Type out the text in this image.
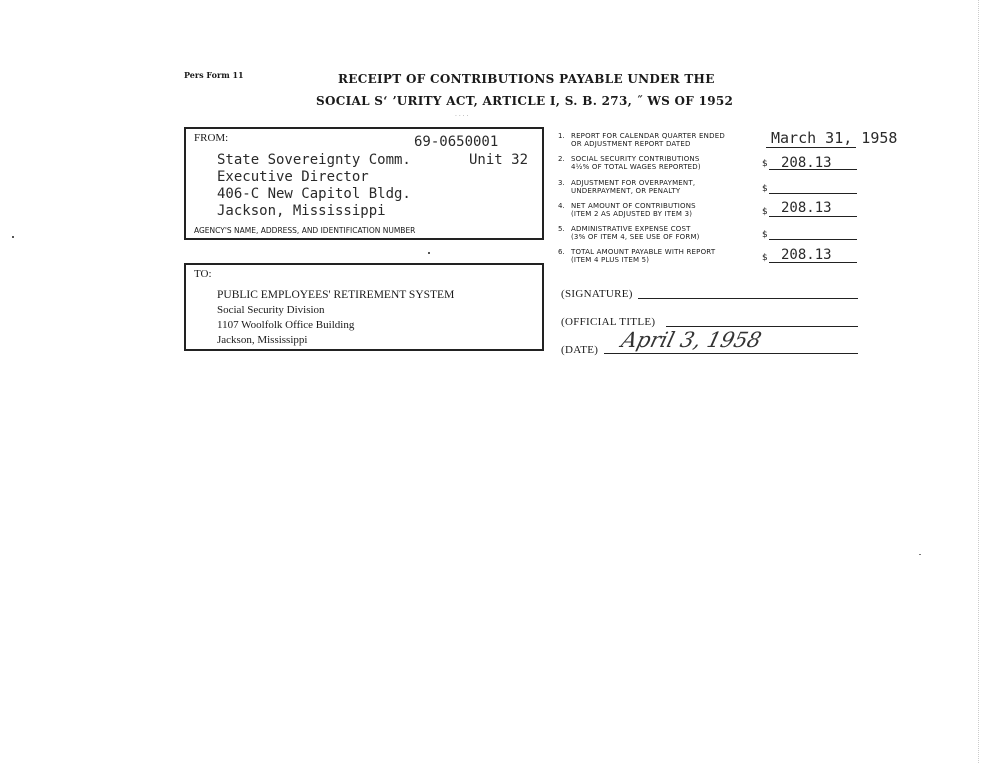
Pers Form 11	RECEIPT OF CONTRIBUTIONS PAYABLE UNDER THE
SOCIAL Sʻ ʼURITY ACT, ARTICLE I, S. B. 273, ˝ WS OF 1952
· · · ·
FROM:	69-0650001
Unit 32
State Sovereignty Comm.
Executive Director
406-C New Capitol Bldg.
Jackson, Mississippi
AGENCY'S NAME, ADDRESS, AND IDENTIFICATION NUMBER
TO:
PUBLIC EMPLOYEES' RETIREMENT SYSTEM
Social Security Division
1107 Woolfolk Office Building
Jackson, Mississippi
1. REPORT FOR CALENDAR QUARTER ENDED
OR ADJUSTMENT REPORT DATED	March 31, 1958
2. SOCIAL SECURITY CONTRIBUTIONS
4½% OF TOTAL WAGES REPORTED)	$ 208.13
3. ADJUSTMENT FOR OVERPAYMENT,
UNDERPAYMENT, OR PENALTY	$
4. NET AMOUNT OF CONTRIBUTIONS
(ITEM 2 AS ADJUSTED BY ITEM 3)	$ 208.13
5. ADMINISTRATIVE EXPENSE COST
(3% OF ITEM 4, SEE USE OF FORM)	$
6. TOTAL AMOUNT PAYABLE WITH REPORT
(ITEM 4 PLUS ITEM 5)	$ 208.13
(SIGNATURE)
(OFFICIAL TITLE)
(DATE) April 3, 1958
